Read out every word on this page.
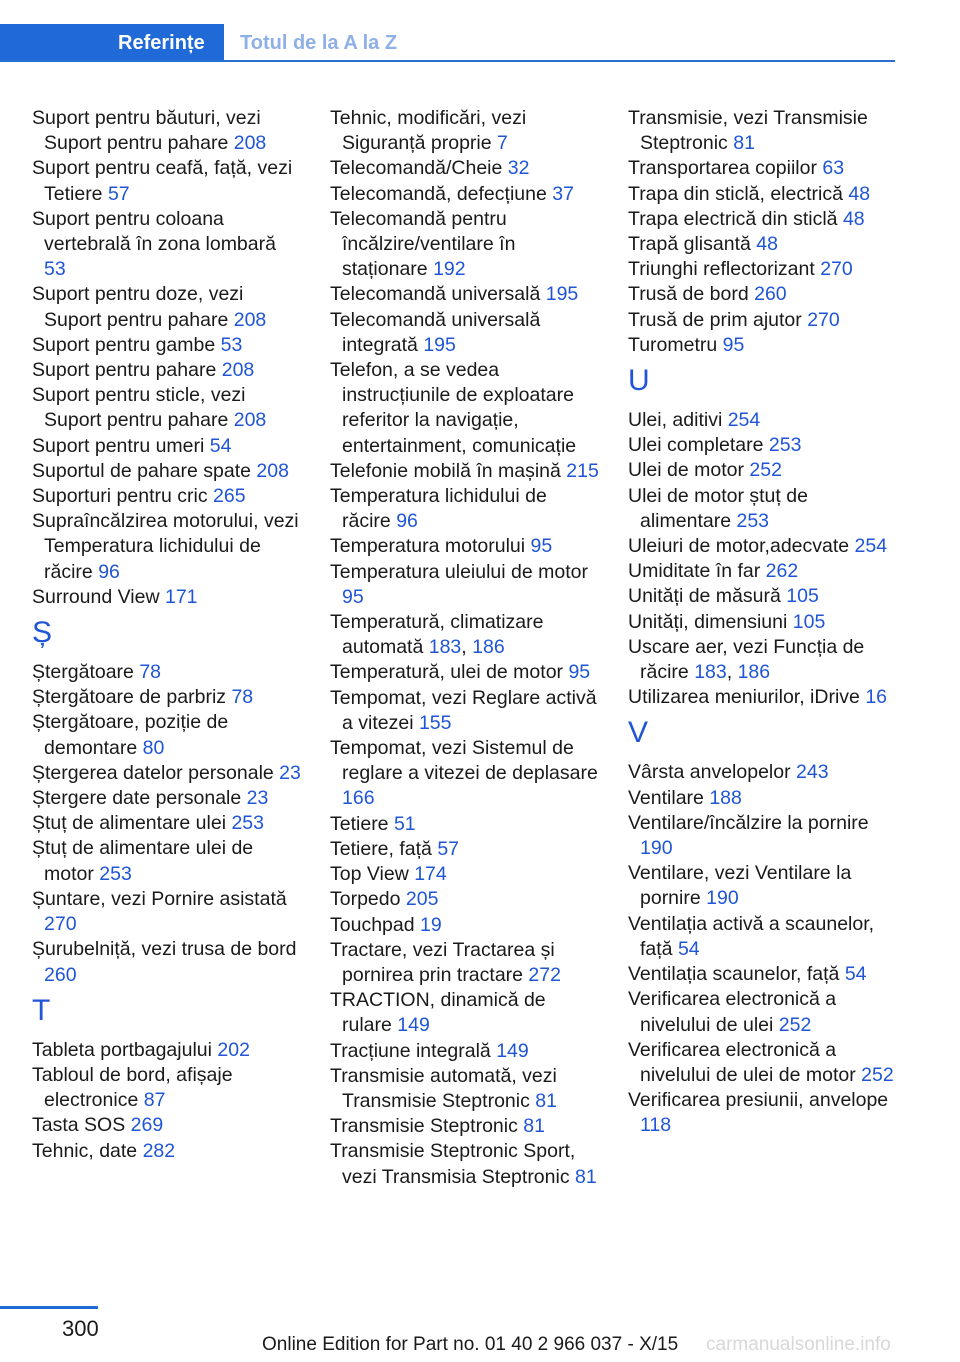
Referințe	Totul de la A la Z
Suport pentru băuturi, vezi Suport pentru pahare 208
Suport pentru ceafă, față, vezi Tetiere 57
Suport pentru coloana vertebrală în zona lombară 53
Suport pentru doze, vezi Suport pentru pahare 208
Suport pentru gambe 53
Suport pentru pahare 208
Suport pentru sticle, vezi Suport pentru pahare 208
Suport pentru umeri 54
Suportul de pahare spate 208
Suporturi pentru cric 265
Supraîncălzirea motorului, vezi Temperatura lichidului de răcire 96
Surround View 171
Ș
Ștergătoare 78
Ștergătoare de parbriz 78
Ștergătoare, poziție de demontare 80
Ștergerea datelor personale 23
Ștergere date personale 23
Ștuț de alimentare ulei 253
Ștuț de alimentare ulei de motor 253
Șuntare, vezi Pornire asistată 270
Șurubelniță, vezi trusa de bord 260
T
Tableta portbagajului 202
Tabloul de bord, afișaje electronice 87
Tasta SOS 269
Tehnic, date 282
Tehnic, modificări, vezi Siguranță proprie 7
Telecomandă/Cheie 32
Telecomandă, defecțiune 37
Telecomandă pentru încălzire/ventilare în staționare 192
Telecomandă universală 195
Telecomandă universală integrată 195
Telefon, a se vedea instrucțiunile de exploatare referitor la navigație, entertainment, comunicație
Telefonie mobilă în mașină 215
Temperatura lichidului de răcire 96
Temperatura motorului 95
Temperatura uleiului de motor 95
Temperatură, climatizare automată 183, 186
Temperatură, ulei de motor 95
Tempomat, vezi Reglare activă a vitezei 155
Tempomat, vezi Sistemul de reglare a vitezei de deplasare 166
Tetiere 51
Tetiere, față 57
Top View 174
Torpedo 205
Touchpad 19
Tractare, vezi Tractarea și pornirea prin tractare 272
TRACTION, dinamică de rulare 149
Tracțiune integrală 149
Transmisie automată, vezi Transmisie Steptronic 81
Transmisie Steptronic 81
Transmisie Steptronic Sport, vezi Transmisia Steptronic 81
Transmisie, vezi Transmisie Steptronic 81
Transportarea copiilor 63
Trapa din sticlă, electrică 48
Trapa electrică din sticlă 48
Trapă glisantă 48
Triunghi reflectorizant 270
Trusă de bord 260
Trusă de prim ajutor 270
Turometru 95
U
Ulei, aditivi 254
Ulei completare 253
Ulei de motor 252
Ulei de motor ștuț de alimentare 253
Uleiuri de motor,adecvate 254
Umiditate în far 262
Unități de măsură 105
Unități, dimensiuni 105
Uscare aer, vezi Funcția de răcire 183, 186
Utilizarea meniurilor, iDrive 16
V
Vârsta anvelopelor 243
Ventilare 188
Ventilare/încălzire la pornire 190
Ventilare, vezi Ventilare la pornire 190
Ventilația activă a scaunelor, față 54
Ventilația scaunelor, față 54
Verificarea electronică a nivelului de ulei 252
Verificarea electronică a nivelului de ulei de motor 252
Verificarea presiunii, anvelope 118
300
Online Edition for Part no. 01 40 2 966 037 - X/15 carmanualsonline.info
